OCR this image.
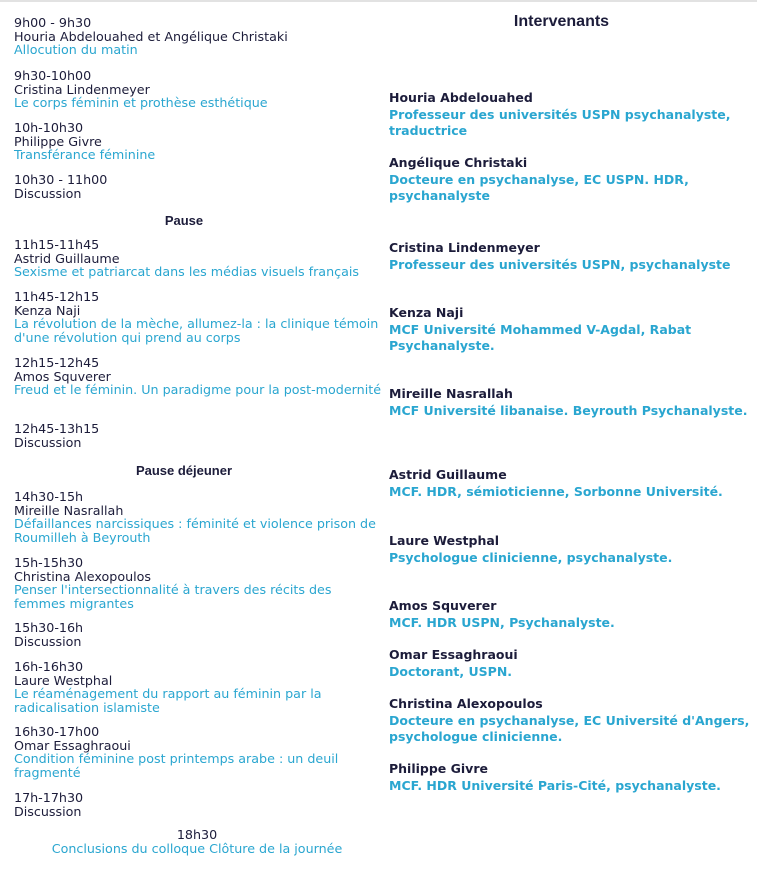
9h00 - 9h30
Houria Abdelouahed et Angélique Christaki
Allocution du matin
9h30-10h00
Cristina Lindenmeyer
Le corps féminin et prothèse esthétique
10h-10h30
Philippe Givre
Transférance féminine
10h30 - 11h00
Discussion
Pause
11h15-11h45
Astrid Guillaume
Sexisme et patriarcat dans les médias visuels français
11h45-12h15
Kenza Naji
La révolution de la mèche, allumez-la : la clinique témoin d'une révolution qui prend au corps
12h15-12h45
Amos Squverer
Freud et le féminin. Un paradigme pour la post-modernité
12h45-13h15
Discussion
Pause déjeuner
14h30-15h
Mireille Nasrallah
Défaillances narcissiques : féminité et violence prison de Roumilleh à Beyrouth
15h-15h30
Christina Alexopoulos
Penser l'intersectionnalité à travers des récits des femmes migrantes
15h30-16h
Discussion
16h-16h30
Laure Westphal
Le réaménagement du rapport au féminin par la radicalisation islamiste
16h30-17h00
Omar Essaghraoui
Condition féminine post printemps arabe : un deuil fragmenté
17h-17h30
Discussion
18h30
Conclusions du colloque Clôture de la journée
Intervenants
Houria Abdelouahed
Professeur des universités USPN psychanalyste, traductrice
Angélique Christaki
Docteure en psychanalyse, EC USPN. HDR, psychanalyste
Cristina Lindenmeyer
Professeur des universités USPN, psychanalyste
Kenza Naji
MCF Université Mohammed V-Agdal, Rabat Psychanalyste.
Mireille Nasrallah
MCF Université libanaise. Beyrouth Psychanalyste.
Astrid Guillaume
MCF. HDR, sémioticienne, Sorbonne Université.
Laure Westphal
Psychologue clinicienne, psychanalyste.
Amos Squverer
MCF. HDR USPN, Psychanalyste.
Omar Essaghraoui
Doctorant, USPN.
Christina Alexopoulos
Docteure en psychanalyse, EC Université d'Angers, psychologue clinicienne.
Philippe Givre
MCF. HDR Université Paris-Cité, psychanalyste.
